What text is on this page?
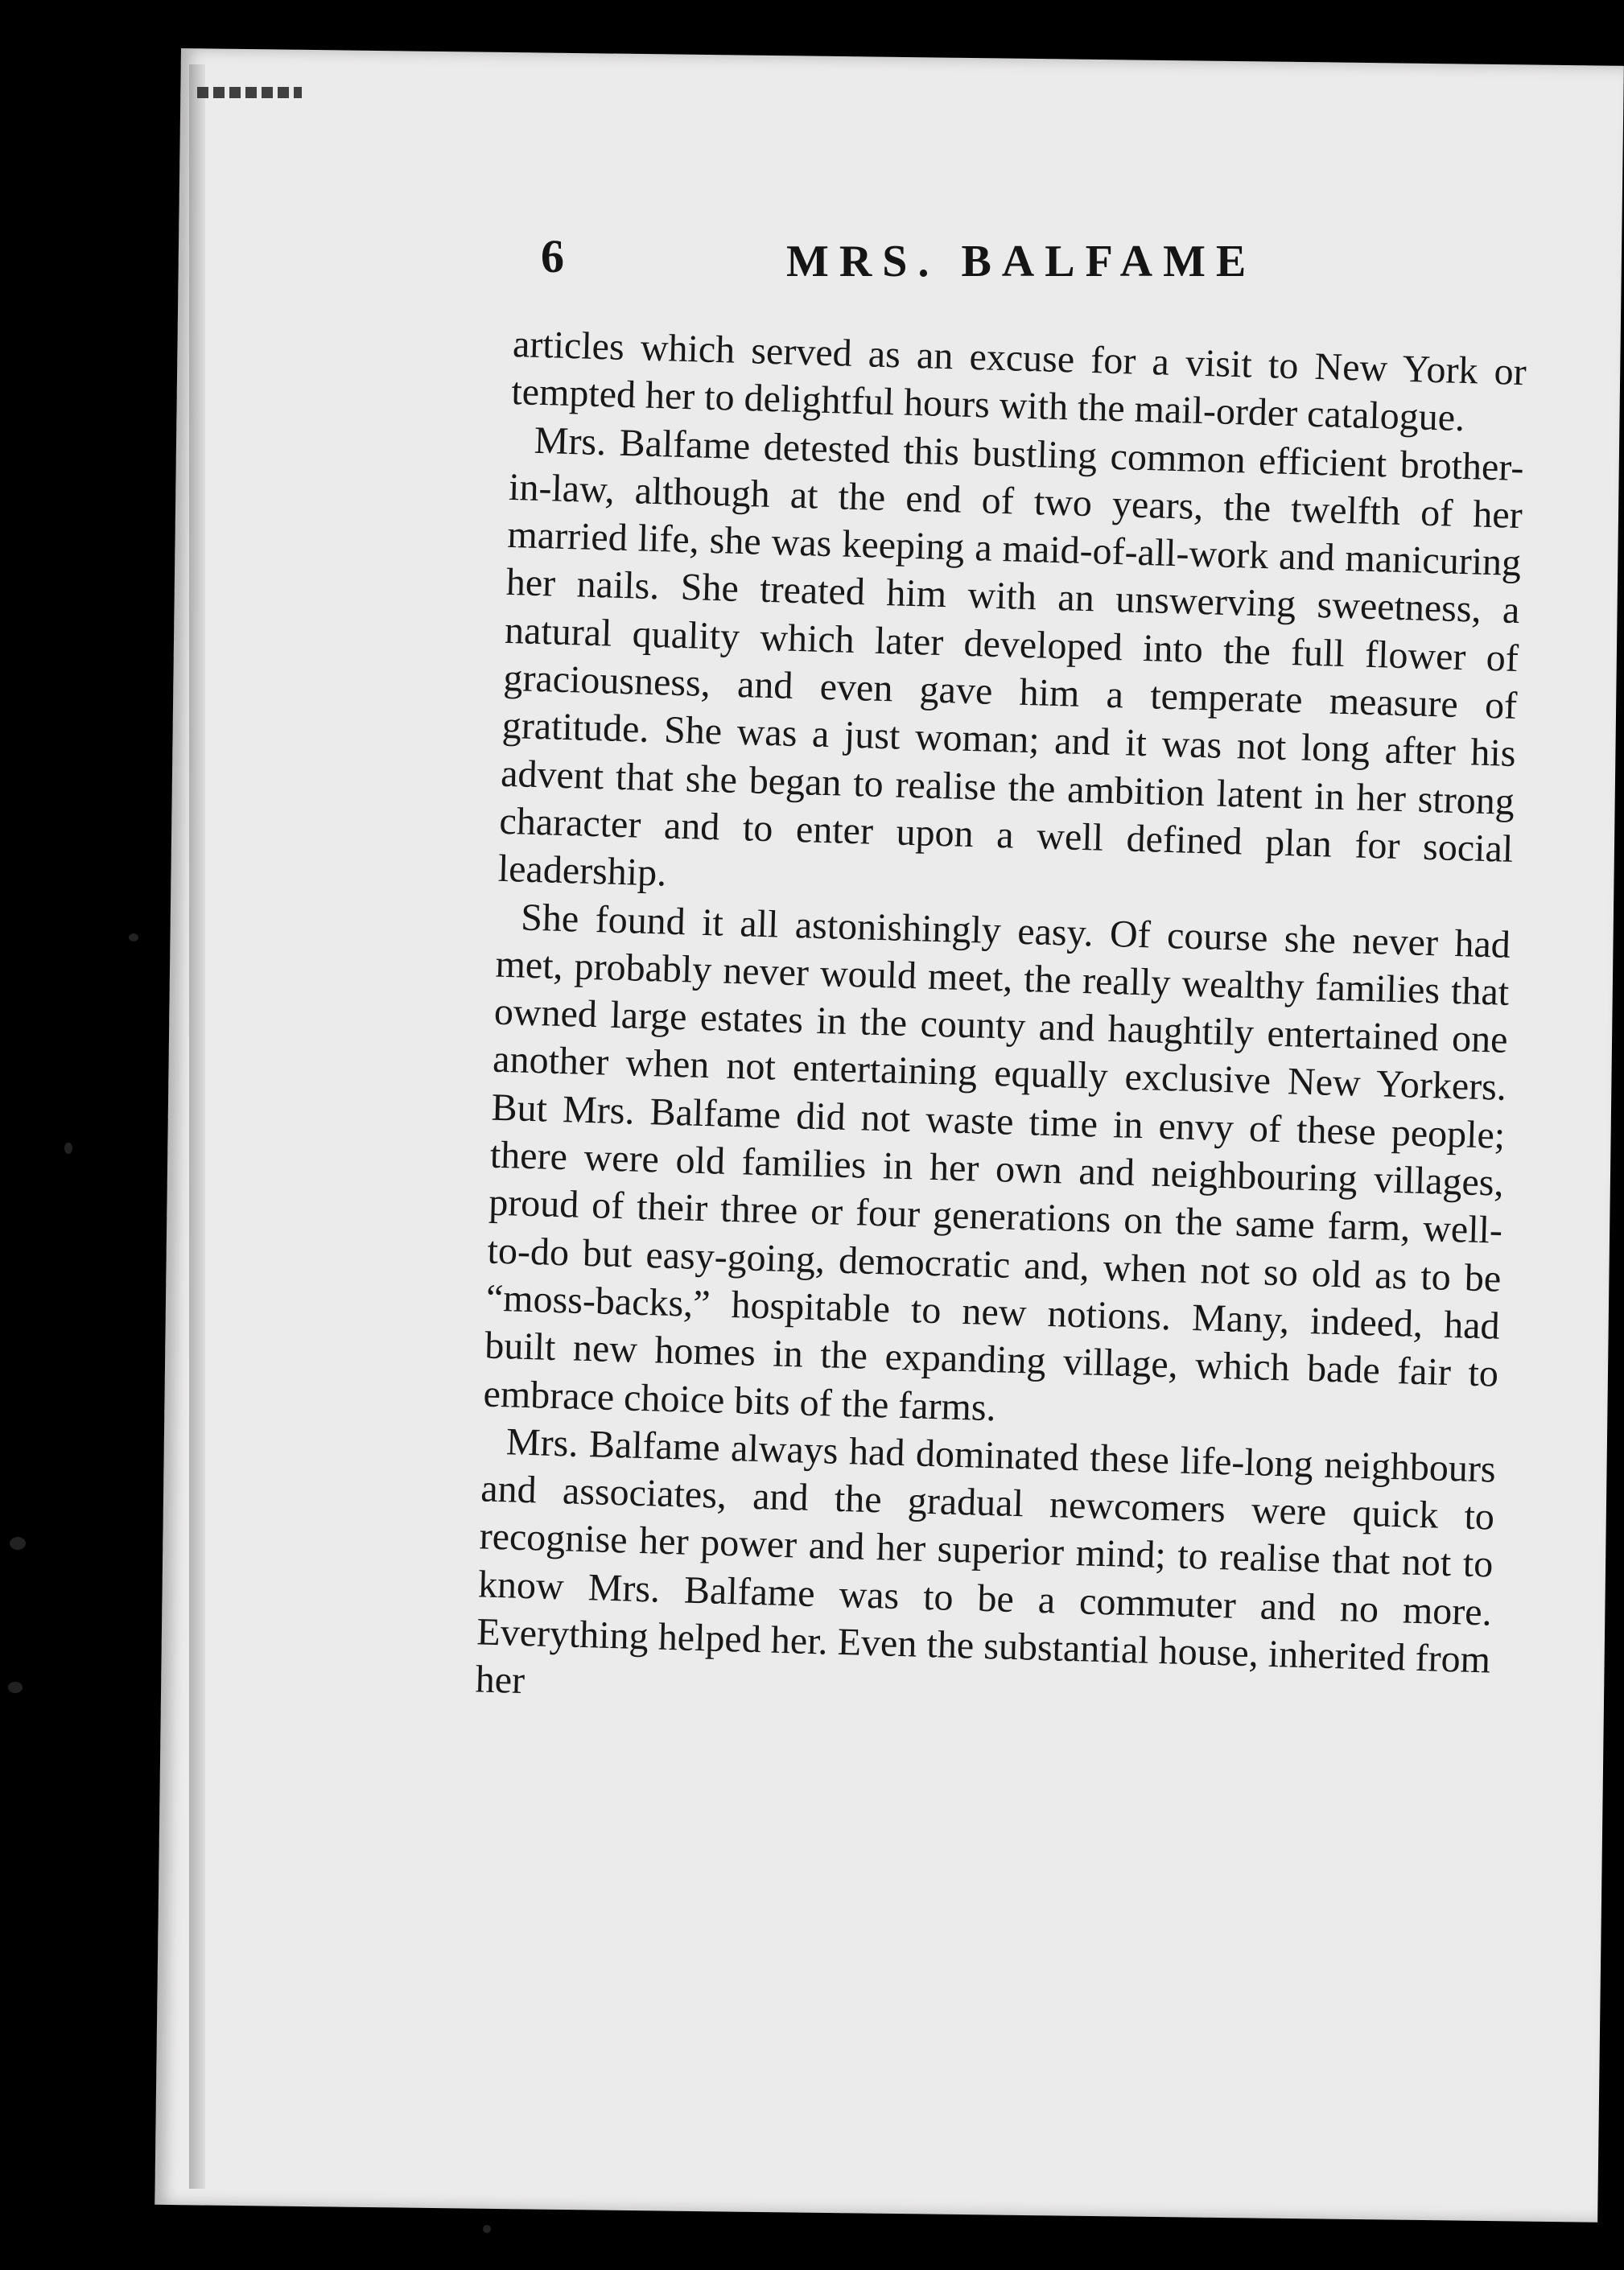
6	MRS. BALFAME

articles which served as an excuse for a visit to New York or tempted her to delightful hours with the mail-order catalogue.

Mrs. Balfame detested this bustling common efficient brother-in-law, although at the end of two years, the twelfth of her married life, she was keeping a maid-of-all-work and manicuring her nails. She treated him with an unswerving sweetness, a natural quality which later developed into the full flower of graciousness, and even gave him a temperate measure of gratitude. She was a just woman; and it was not long after his advent that she began to realise the ambition latent in her strong character and to enter upon a well defined plan for social leadership.

She found it all astonishingly easy. Of course she never had met, probably never would meet, the really wealthy families that owned large estates in the county and haughtily entertained one another when not entertaining equally exclusive New Yorkers. But Mrs. Balfame did not waste time in envy of these people; there were old families in her own and neighbouring villages, proud of their three or four generations on the same farm, well-to-do but easy-going, democratic and, when not so old as to be “moss-backs,” hospitable to new notions. Many, indeed, had built new homes in the expanding village, which bade fair to embrace choice bits of the farms.

Mrs. Balfame always had dominated these life-long neighbours and associates, and the gradual newcomers were quick to recognise her power and her superior mind; to realise that not to know Mrs. Balfame was to be a commuter and no more. Everything helped her. Even the substantial house, inherited from her
